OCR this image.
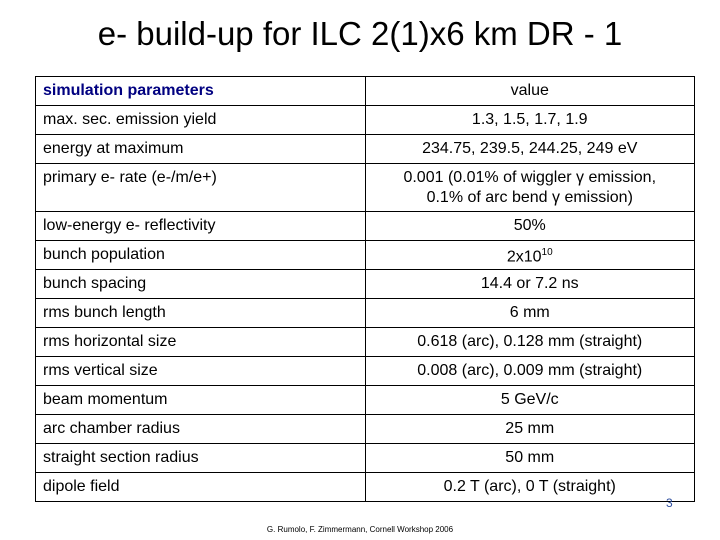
e- build-up for ILC 2(1)x6 km DR - 1
simulation parameters	value
max. sec. emission yield	1.3, 1.5, 1.7, 1.9
energy at maximum	234.75, 239.5, 244.25, 249 eV
primary e- rate (e-/m/e+)	0.001 (0.01% of wiggler γ emission,
0.1% of arc bend γ emission)

low-energy e- reflectivity	50%
bunch population	$2x10^{10}$
bunch spacing	14.4 or 7.2 ns
rms bunch length	6 mm
rms horizontal size	0.618 (arc), 0.128 mm (straight)
rms vertical size	0.008 (arc), 0.009 mm (straight)
beam momentum	5 GeV/c
arc chamber radius	25 mm
straight section radius	50 mm
dipole field	0.2 T (arc), 0 T (straight)
3
G. Rumolo, F. Zimmermann, Cornell Workshop 2006
